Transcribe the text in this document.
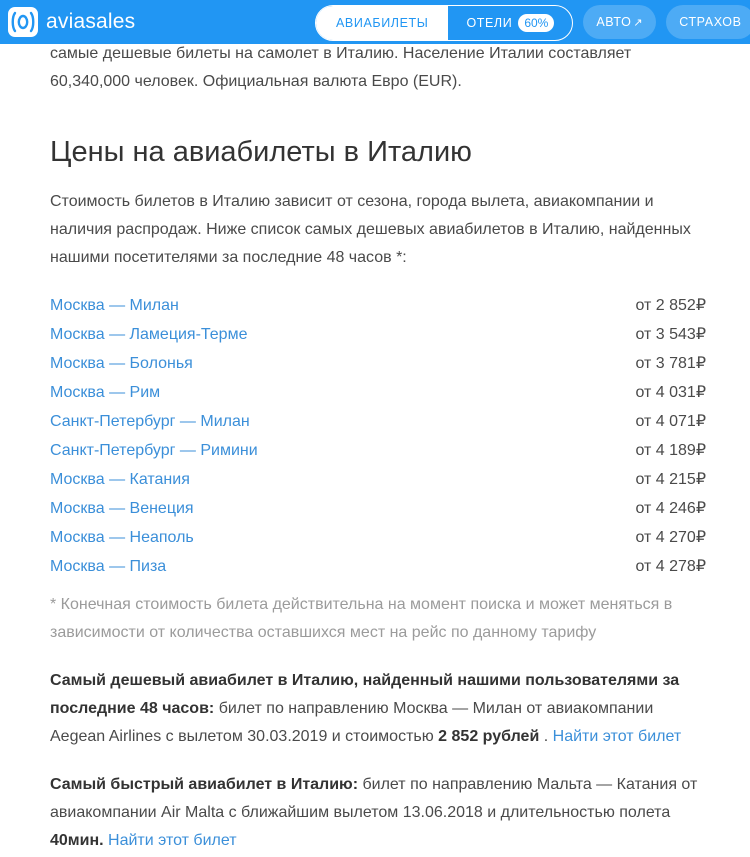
aviasales	АВИАБИЛЕТЫ	ОТЕЛИ	60%	АВТО ↗	СТРАХОВ

самые дешевые билеты на самолет в Италию. Население Италии составляет 60,340,000 человек. Официальная валюта Евро (EUR).

Цены на авиабилеты в Италию

Стоимость билетов в Италию зависит от сезона, города вылета, авиакомпании и наличия распродаж. Ниже список самых дешевых авиабилетов в Италию, найденных нашими посетителями за последние 48 часов *:

Москва — Милан	от 2 852₽
Москва — Ламеция-Терме	от 3 543₽
Москва — Болонья	от 3 781₽
Москва — Рим	от 4 031₽
Санкт-Петербург — Милан	от 4 071₽
Санкт-Петербург — Римини	от 4 189₽
Москва — Катания	от 4 215₽
Москва — Венеция	от 4 246₽
Москва — Неаполь	от 4 270₽
Москва — Пиза	от 4 278₽

* Конечная стоимость билета действительна на момент поиска и может меняться в зависимости от количества оставшихся мест на рейс по данному тарифу

Самый дешевый авиабилет в Италию, найденный нашими пользователями за последние 48 часов: билет по направлению Москва — Милан от авиакомпании Aegean Airlines с вылетом 30.03.2019 и стоимостью 2 852 рублей . Найти этот билет

Самый быстрый авиабилет в Италию: билет по направлению Мальта — Катания от авиакомпании Air Malta с ближайшим вылетом 13.06.2018 и длительностью полета 40мин. Найти этот билет
